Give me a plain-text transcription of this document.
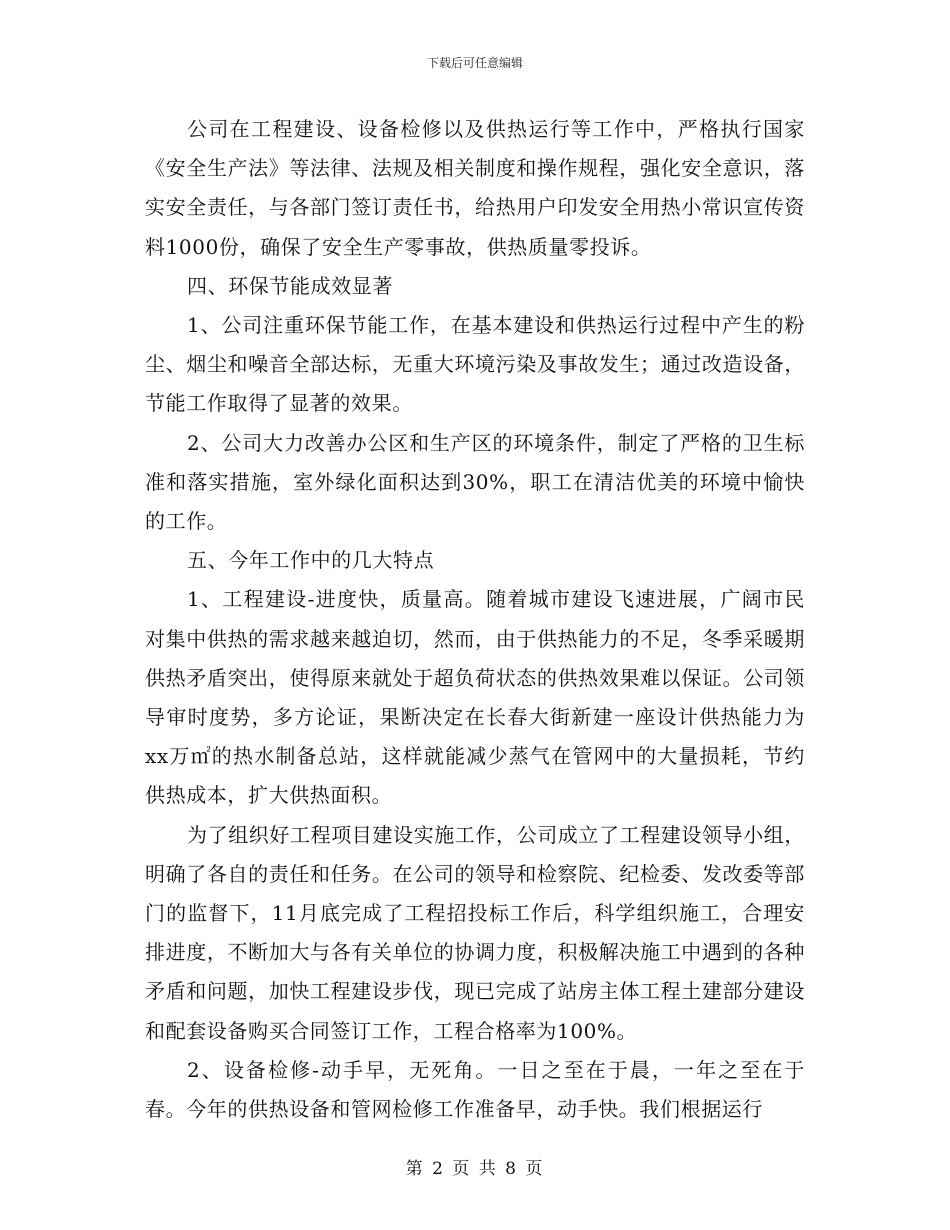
下载后可任意编辑

公司在工程建设、设备检修以及供热运行等工作中，严格执行国家《安全生产法》等法律、法规及相关制度和操作规程，强化安全意识，落实安全责任，与各部门签订责任书，给热用户印发安全用热小常识宣传资料1000份，确保了安全生产零事故，供热质量零投诉。

四、环保节能成效显著

1、公司注重环保节能工作，在基本建设和供热运行过程中产生的粉尘、烟尘和噪音全部达标，无重大环境污染及事故发生；通过改造设备，节能工作取得了显著的效果。

2、公司大力改善办公区和生产区的环境条件，制定了严格的卫生标准和落实措施，室外绿化面积达到30%，职工在清洁优美的环境中愉快的工作。

五、今年工作中的几大特点

1、工程建设-进度快，质量高。随着城市建设飞速进展，广阔市民对集中供热的需求越来越迫切，然而，由于供热能力的不足，冬季采暖期供热矛盾突出，使得原来就处于超负荷状态的供热效果难以保证。公司领导审时度势，多方论证，果断决定在长春大街新建一座设计供热能力为xx万㎡的热水制备总站，这样就能减少蒸气在管网中的大量损耗，节约供热成本，扩大供热面积。

为了组织好工程项目建设实施工作，公司成立了工程建设领导小组，明确了各自的责任和任务。在公司的领导和检察院、纪检委、发改委等部门的监督下，11月底完成了工程招投标工作后，科学组织施工，合理安排进度，不断加大与各有关单位的协调力度，积极解决施工中遇到的各种矛盾和问题，加快工程建设步伐，现已完成了站房主体工程土建部分建设和配套设备购买合同签订工作，工程合格率为100%。

2、设备检修-动手早，无死角。一日之至在于晨，一年之至在于春。今年的供热设备和管网检修工作准备早，动手快。我们根据运行

第 2 页 共 8 页
